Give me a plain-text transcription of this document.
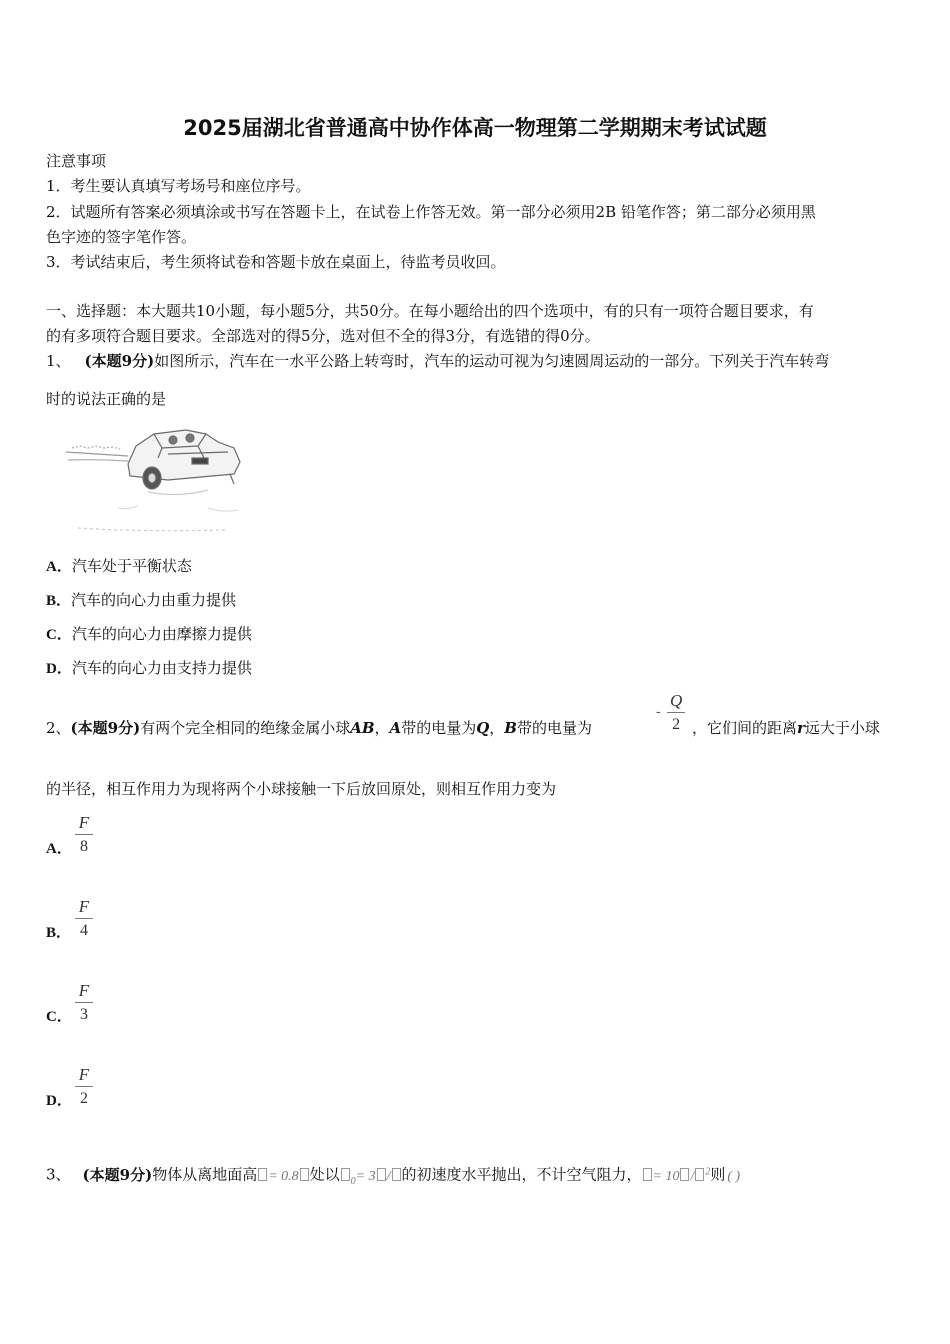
2025届湖北省普通高中协作体高一物理第二学期期末考试试题
注意事项
1．考生要认真填写考场号和座位序号。
2．试题所有答案必须填涂或书写在答题卡上，在试卷上作答无效。第一部分必须用2B 铅笔作答；第二部分必须用黑
色字迹的签字笔作答。
3．考试结束后，考生须将试卷和答题卡放在桌面上，待监考员收回。
一、选择题：本大题共10小题，每小题5分，共50分。在每小题给出的四个选项中，有的只有一项符合题目要求，有
的有多项符合题目要求。全部选对的得5分，选对但不全的得3分，有选错的得0分。
1、 (本题9分)如图所示，汽车在一水平公路上转弯时，汽车的运动可视为匀速圆周运动的一部分。下列关于汽车转弯
时的说法正确的是
A．汽车处于平衡状态
B．汽车的向心力由重力提供
C．汽车的向心力由摩擦力提供
D．汽车的向心力由支持力提供
2、(本题9分)有两个完全相同的绝缘金属小球AB，A带的电量为Q，B带的电量为
-
Q
2 ，它们间的距离r远大于小球
的半径，相互作用力为现将两个小球接触一下后放回原处，则相互作用力变为
A．
F
8
B．
F
4
C．
F
3
D．
F
2
3、 (本题9分)物体从离地面高 = 0.8 处以 $_0$= 3 / 的初速度水平抛出，不计空气阻力， = 10 / $^2$则 ( )
